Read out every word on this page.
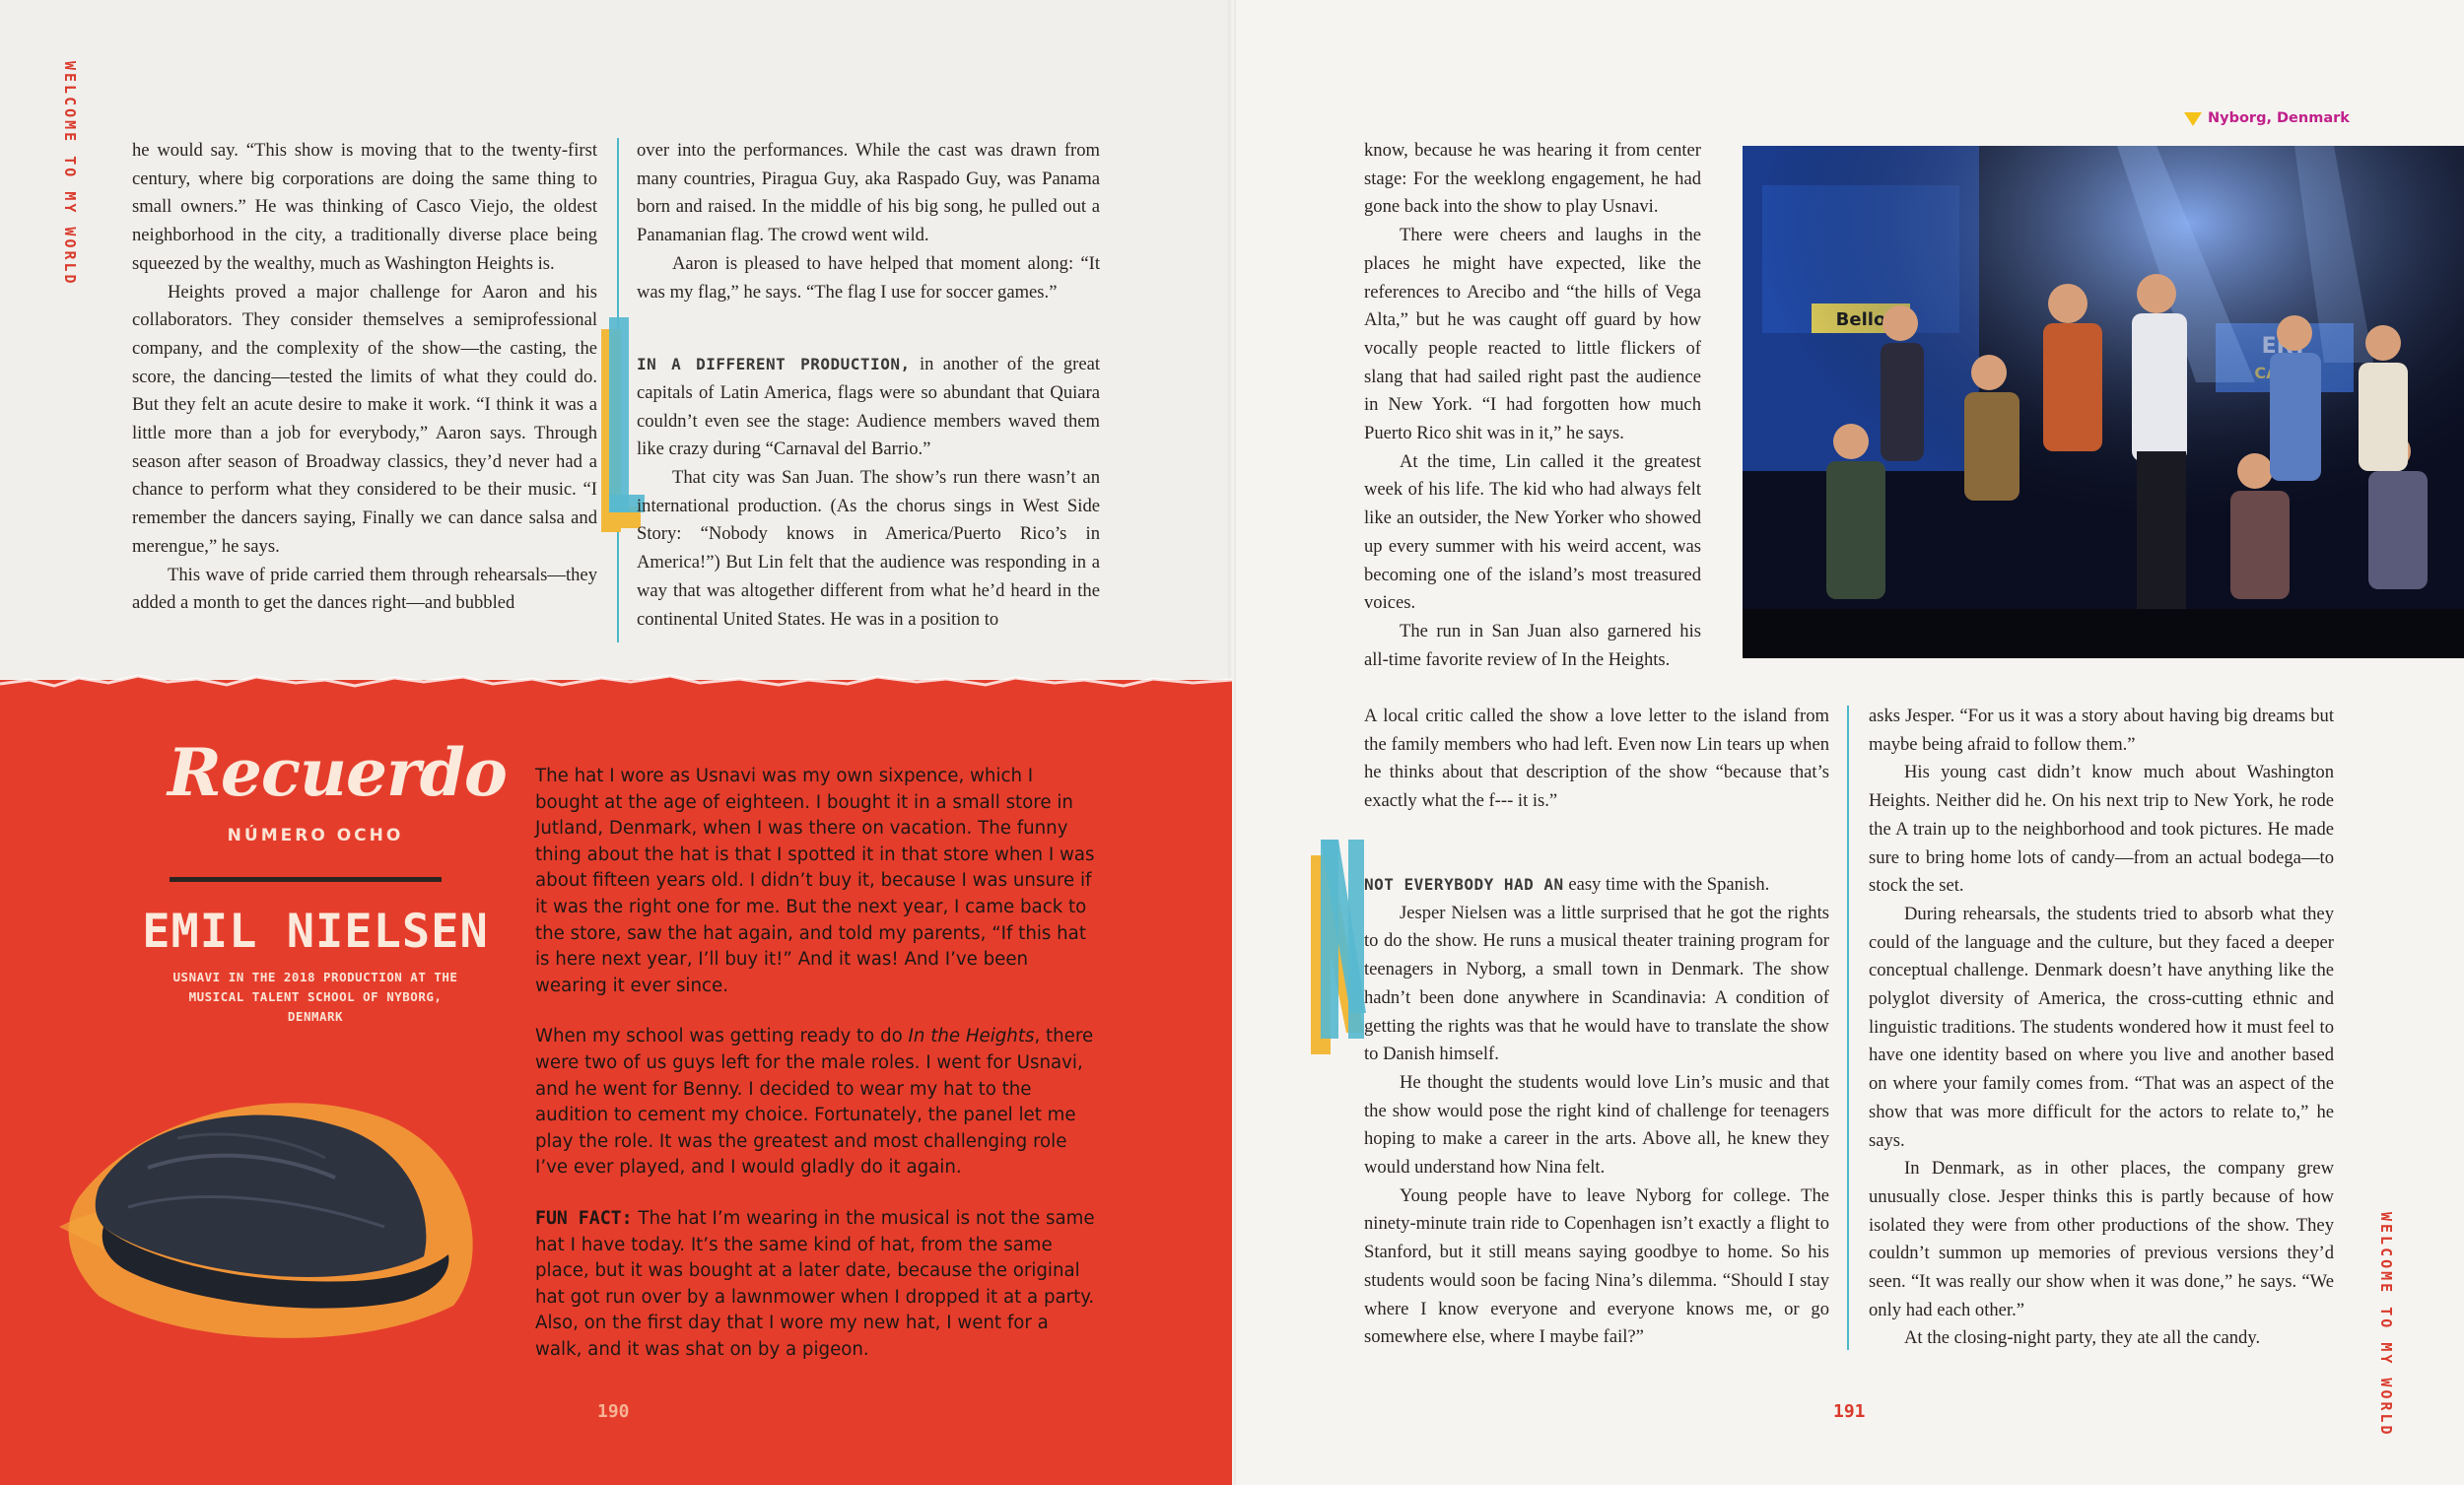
WELCOME TO MY WORLD	he would say. “This show is moving that to the twenty-first century, where big corporations are doing the same thing to small owners.” He was thinking of Casco Viejo, the oldest neighborhood in the city, a traditionally diverse place being squeezed by the wealthy, much as Washington Heights is.

Heights proved a major challenge for Aaron and his collaborators. They consider themselves a semiprofessional company, and the complexity of the show—the casting, the score, the dancing—tested the limits of what they could do. But they felt an acute desire to make it work. “I think it was a little more than a job for everybody,” Aaron says. Through season after season of Broadway classics, they’d never had a chance to perform what they considered to be their music. “I remember the dancers saying, Finally we can dance salsa and merengue,” he says.

This wave of pride carried them through rehearsals—they added a month to get the dances right—and bubbled

over into the performances. While the cast was drawn from many countries, Piragua Guy, aka Raspado Guy, was Panama born and raised. In the middle of his big song, he pulled out a Panamanian flag. The crowd went wild.

Aaron is pleased to have helped that moment along: “It was my flag,” he says. “The flag I use for soccer games.”

IN A DIFFERENT PRODUCTION, in another of the great capitals of Latin America, flags were so abundant that Quiara couldn’t even see the stage: Audience members waved them like crazy during “Carnaval del Barrio.”

That city was San Juan. The show’s run there wasn’t an international production. (As the chorus sings in West Side Story: “Nobody knows in America/Puerto Rico’s in America!”) But Lin felt that the audience was responding in a way that was altogether different from what he’d heard in the continental United States. He was in a position to

Recuerdo
NÚMERO OCHO
EMIL NIELSEN
USNAVI IN THE 2018 PRODUCTION AT THE MUSICAL TALENT SCHOOL OF NYBORG, DENMARK

The hat I wore as Usnavi was my own sixpence, which I bought at the age of eighteen. I bought it in a small store in Jutland, Denmark, when I was there on vacation. The funny thing about the hat is that I spotted it in that store when I was about fifteen years old. I didn’t buy it, because I was unsure if it was the right one for me. But the next year, I came back to the store, saw the hat again, and told my parents, “If this hat is here next year, I’ll buy it!” And it was! And I’ve been wearing it ever since.

When my school was getting ready to do In the Heights, there were two of us guys left for the male roles. I went for Usnavi, and he went for Benny. I decided to wear my hat to the audition to cement my choice. Fortunately, the panel let me play the role. It was the greatest and most challenging role I’ve ever played, and I would gladly do it again.

FUN FACT: The hat I’m wearing in the musical is not the same hat I have today. It’s the same kind of hat, from the same place, but it was bought at a later date, because the original hat got run over by a lawnmower when I dropped it at a party. Also, on the first day that I wore my new hat, I went for a walk, and it was shat on by a pigeon.

190
Nyborg, Denmark

know, because he was hearing it from center stage: For the weeklong engagement, he had gone back into the show to play Usnavi.

There were cheers and laughs in the places he might have expected, like the references to Arecibo and “the hills of Vega Alta,” but he was caught off guard by how vocally people reacted to little flickers of slang that had sailed right past the audience in New York. “I had forgotten how much Puerto Rico shit was in it,” he says.

At the time, Lin called it the greatest week of his life. The kid who had always felt like an outsider, the New Yorker who showed up every summer with his weird accent, was becoming one of the island’s most treasured voices.

The run in San Juan also garnered his all-time favorite review of In the Heights.

A local critic called the show a love letter to the island from the family members who had left. Even now Lin tears up when he thinks about that description of the show “because that’s exactly what the f--- it is.”

NOT EVERYBODY HAD AN easy time with the Spanish.

Jesper Nielsen was a little surprised that he got the rights to do the show. He runs a musical theater training program for teenagers in Nyborg, a small town in Denmark. The show hadn’t been done anywhere in Scandinavia: A condition of getting the rights was that he would have to translate the show to Danish himself.

He thought the students would love Lin’s music and that the show would pose the right kind of challenge for teenagers hoping to make a career in the arts. Above all, he knew they would understand how Nina felt.

Young people have to leave Nyborg for college. The ninety-minute train ride to Copenhagen isn’t exactly a flight to Stanford, but it still means saying goodbye to home. So his students would soon be facing Nina’s dilemma. “Should I stay where I know everyone and everyone knows me, or go somewhere else, where I maybe fail?”

asks Jesper. “For us it was a story about having big dreams but maybe being afraid to follow them.”

His young cast didn’t know much about Washington Heights. Neither did he. On his next trip to New York, he rode the A train up to the neighborhood and took pictures. He made sure to bring home lots of candy—from an actual bodega—to stock the set.

During rehearsals, the students tried to absorb what they could of the language and the culture, but they faced a deeper conceptual challenge. Denmark doesn’t have anything like the polyglot diversity of America, the cross-cutting ethnic and linguistic traditions. The students wondered how it must feel to have one identity based on where you live and another based on where your family comes from. “That was an aspect of the show that was more difficult for the actors to relate to,” he says.

In Denmark, as in other places, the company grew unusually close. Jesper thinks this is partly because of how isolated they were from other productions of the show. They couldn’t summon up memories of previous versions they’d seen. “It was really our show when it was done,” he says. “We only had each other.”

At the closing-night party, they ate all the candy.

191	WELCOME TO MY WORLD
